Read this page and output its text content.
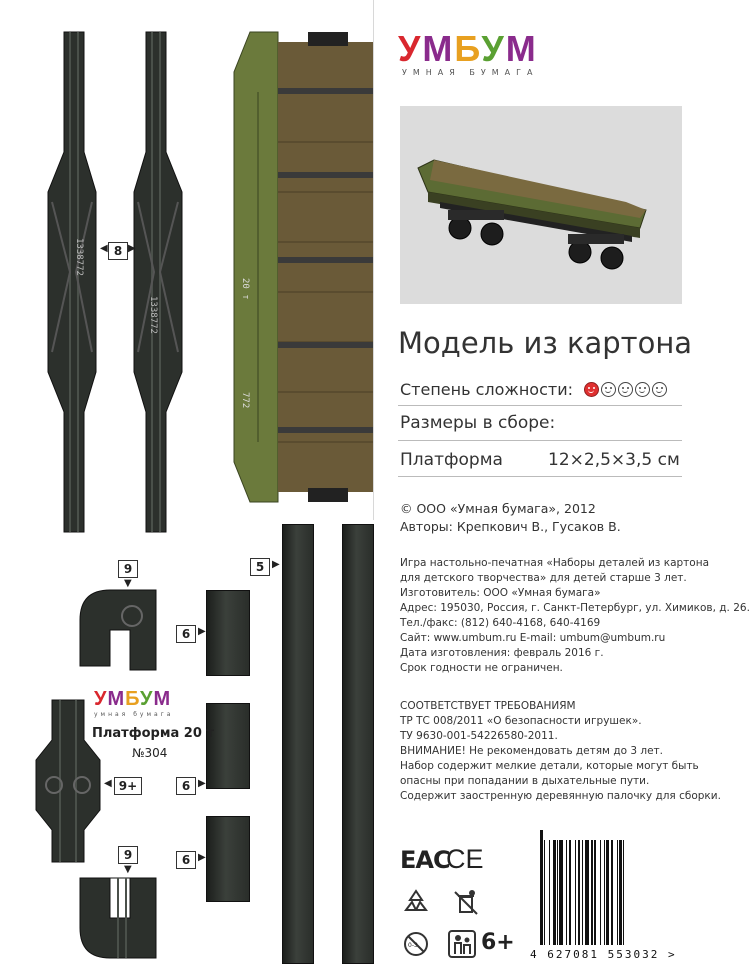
1338772
1338772
8
◀ ▶
20 т
772
5 ▶
9
▼
6 ▶
6 ▶
6 ▶
УМБУМ
умная бумага
Платформа 20 т
№304
9+
◀
9
▼
УМБУМ
УМНАЯ БУМАГА
Модель из картона
Степень сложности:
Размеры в сборе:
Платформа	12×2,5×3,5 см
© ООО «Умная бумага», 2012
Авторы: Крепкович В., Гусаков В.
Игра настольно-печатная «Наборы деталей из картона
для детского творчества» для детей старше 3 лет.
Изготовитель: ООО «Умная бумага»
Адрес: 195030, Россия, г. Санкт-Петербург, ул. Химиков, д. 26.
Тел./факс: (812) 640-4168, 640-4169
Сайт: www.umbum.ru E-mail: umbum@umbum.ru
Дата изготовления: февраль 2016 г.
Срок годности не ограничен.
СООТВЕТСТВУЕТ ТРЕБОВАНИЯМ
ТР ТС 008/2011 «О безопасности игрушек».
ТУ 9630-001-54226580-2011.
ВНИМАНИЕ! Не рекомендовать детям до 3 лет.
Набор содержит мелкие детали, которые могут быть
опасны при попадании в дыхательные пути.
Содержит заостренную деревянную палочку для сборки.
ЕАС
CE
0-3	6+ 4 627081 553032 >
